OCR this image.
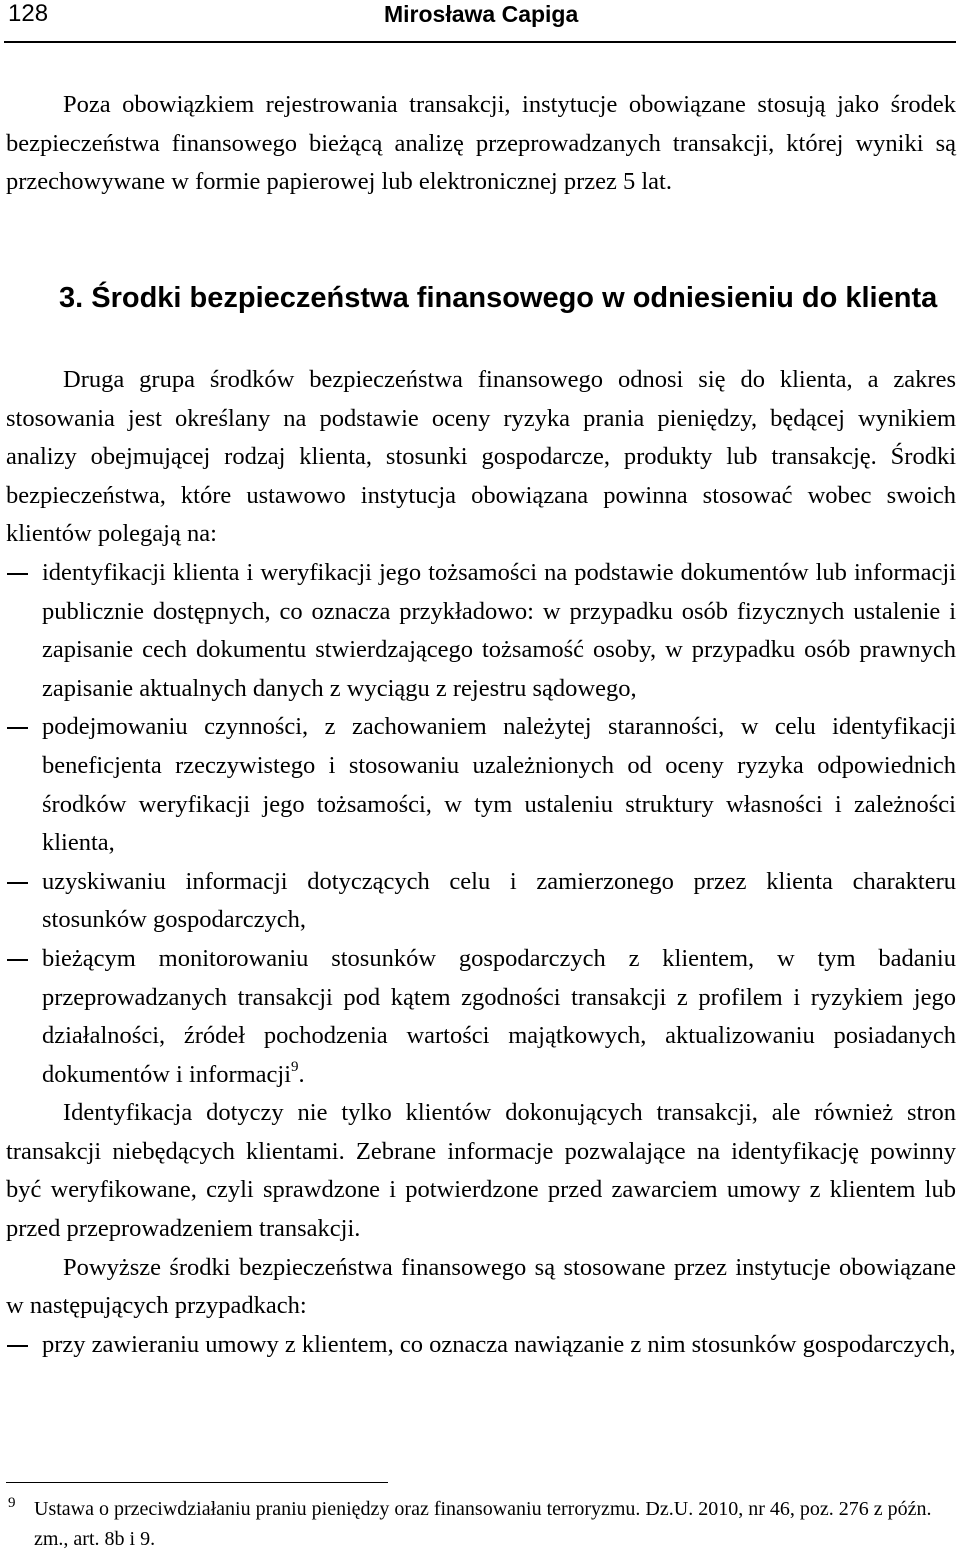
128	Mirosława Capiga

Poza obowiązkiem rejestrowania transakcji, instytucje obowiązane stosują jako środek bezpieczeństwa finansowego bieżącą analizę przeprowadzanych transakcji, której wyniki są przechowywane w formie papierowej lub elektronicznej przez 5 lat.

3. Środki bezpieczeństwa finansowego w odniesieniu do klienta

Druga grupa środków bezpieczeństwa finansowego odnosi się do klienta, a zakres stosowania jest określany na podstawie oceny ryzyka prania pieniędzy, będącej wynikiem analizy obejmującej rodzaj klienta, stosunki gospodarcze, produkty lub transakcję. Środki bezpieczeństwa, które ustawowo instytucja obowiązana powinna stosować wobec swoich klientów polegają na:

identyfikacji klienta i weryfikacji jego tożsamości na podstawie dokumentów lub informacji publicznie dostępnych, co oznacza przykładowo: w przypadku osób fizycznych ustalenie i zapisanie cech dokumentu stwierdzającego tożsamość osoby, w przypadku osób prawnych zapisanie aktualnych danych z wyciągu z rejestru sądowego,
podejmowaniu czynności, z zachowaniem należytej staranności, w celu identyfikacji beneficjenta rzeczywistego i stosowaniu uzależnionych od oceny ryzyka odpowiednich środków weryfikacji jego tożsamości, w tym ustaleniu struktury własności i zależności klienta,
uzyskiwaniu informacji dotyczących celu i zamierzonego przez klienta charakteru stosunków gospodarczych,
bieżącym monitorowaniu stosunków gospodarczych z klientem, w tym badaniu przeprowadzanych transakcji pod kątem zgodności transakcji z profilem i ryzykiem jego działalności, źródeł pochodzenia wartości majątkowych, aktualizowaniu posiadanych dokumentów i informacji$^9$.

Identyfikacja dotyczy nie tylko klientów dokonujących transakcji, ale również stron transakcji niebędących klientami. Zebrane informacje pozwalające na identyfikację powinny być weryfikowane, czyli sprawdzone i potwierdzone przed zawarciem umowy z klientem lub przed przeprowadzeniem transakcji.

Powyższe środki bezpieczeństwa finansowego są stosowane przez instytucje obowiązane w następujących przypadkach:

przy zawieraniu umowy z klientem, co oznacza nawiązanie z nim stosunków gospodarczych,
9 Ustawa o przeciwdziałaniu praniu pieniędzy oraz finansowaniu terroryzmu. Dz.U. 2010, nr 46, poz. 276 z późn. zm., art. 8b i 9.
